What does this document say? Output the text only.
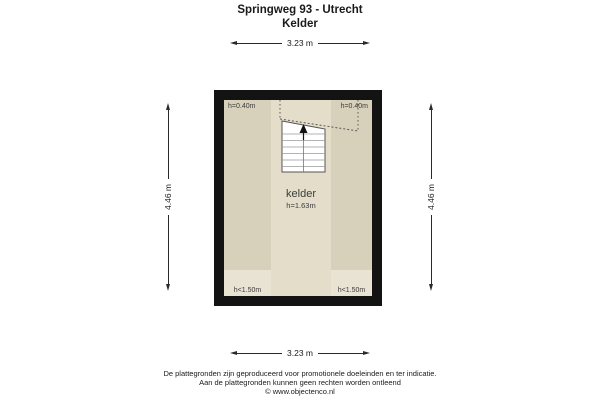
Springweg 93 - Utrecht
Kelder
3.23 m
4.46 m	4.46 m
h<1.50m	h<1.50m
h=0.40m	h=0.40m
kelder
h=1.63m
3.23 m
De plattegronden zijn geproduceerd voor promotionele doeleinden en ter indicatie.
Aan de plattegronden kunnen geen rechten worden ontleend
© www.objectenco.nl
